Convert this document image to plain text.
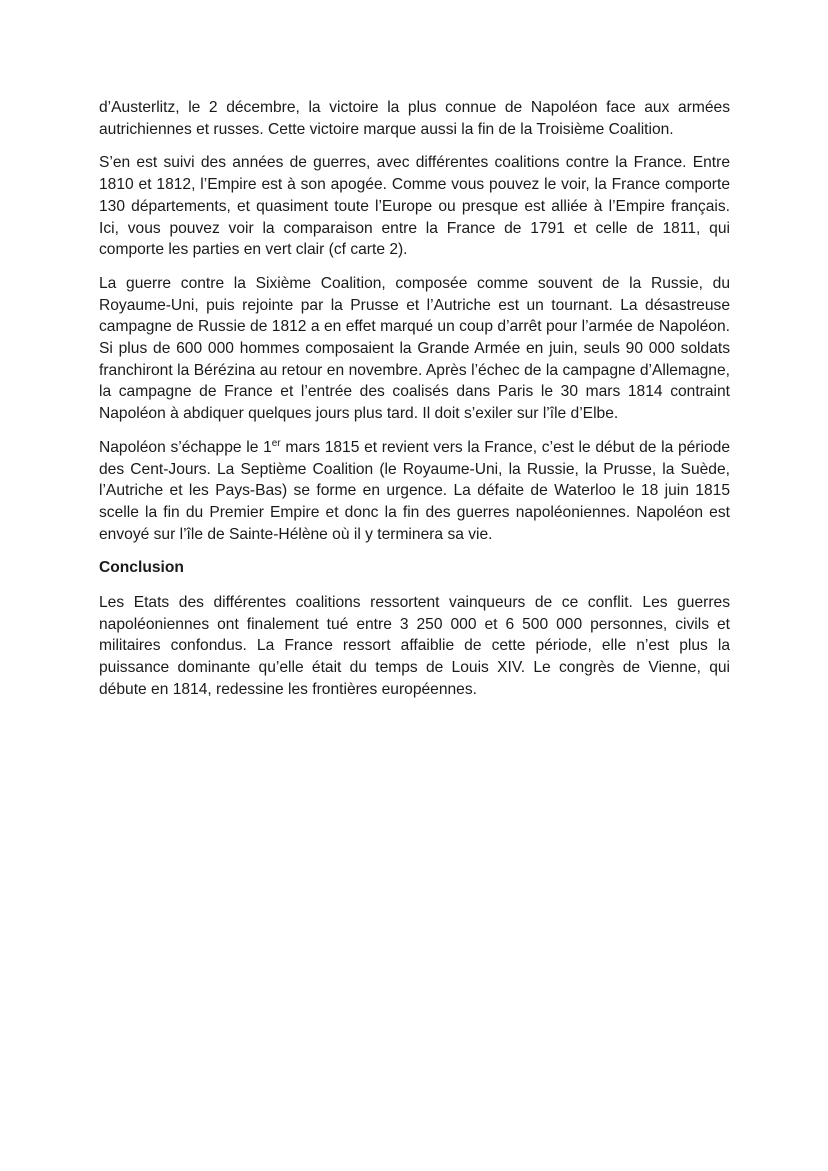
d’Austerlitz, le 2 décembre, la victoire la plus connue de Napoléon face aux armées autrichiennes et russes. Cette victoire marque aussi la fin de la Troisième Coalition.

S’en est suivi des années de guerres, avec différentes coalitions contre la France. Entre 1810 et 1812, l’Empire est à son apogée. Comme vous pouvez le voir, la France comporte 130 départements, et quasiment toute l’Europe ou presque est alliée à l’Empire français. Ici, vous pouvez voir la comparaison entre la France de 1791 et celle de 1811, qui comporte les parties en vert clair (cf carte 2).

La guerre contre la Sixième Coalition, composée comme souvent de la Russie, du Royaume-Uni, puis rejointe par la Prusse et l’Autriche est un tournant. La désastreuse campagne de Russie de 1812 a en effet marqué un coup d’arrêt pour l’armée de Napoléon. Si plus de 600 000 hommes composaient la Grande Armée en juin, seuls 90 000 soldats franchiront la Bérézina au retour en novembre. Après l’échec de la campagne d’Allemagne, la campagne de France et l’entrée des coalisés dans Paris le 30 mars 1814 contraint Napoléon à abdiquer quelques jours plus tard. Il doit s’exiler sur l’île d’Elbe.

Napoléon s’échappe le 1er mars 1815 et revient vers la France, c’est le début de la période des Cent-Jours. La Septième Coalition (le Royaume-Uni, la Russie, la Prusse, la Suède, l’Autriche et les Pays-Bas) se forme en urgence. La défaite de Waterloo le 18 juin 1815 scelle la fin du Premier Empire et donc la fin des guerres napoléoniennes. Napoléon est envoyé sur l’île de Sainte-Hélène où il y terminera sa vie.

Conclusion

Les Etats des différentes coalitions ressortent vainqueurs de ce conflit. Les guerres napoléoniennes ont finalement tué entre 3 250 000 et 6 500 000 personnes, civils et militaires confondus. La France ressort affaiblie de cette période, elle n’est plus la puissance dominante qu’elle était du temps de Louis XIV. Le congrès de Vienne, qui débute en 1814, redessine les frontières européennes.
